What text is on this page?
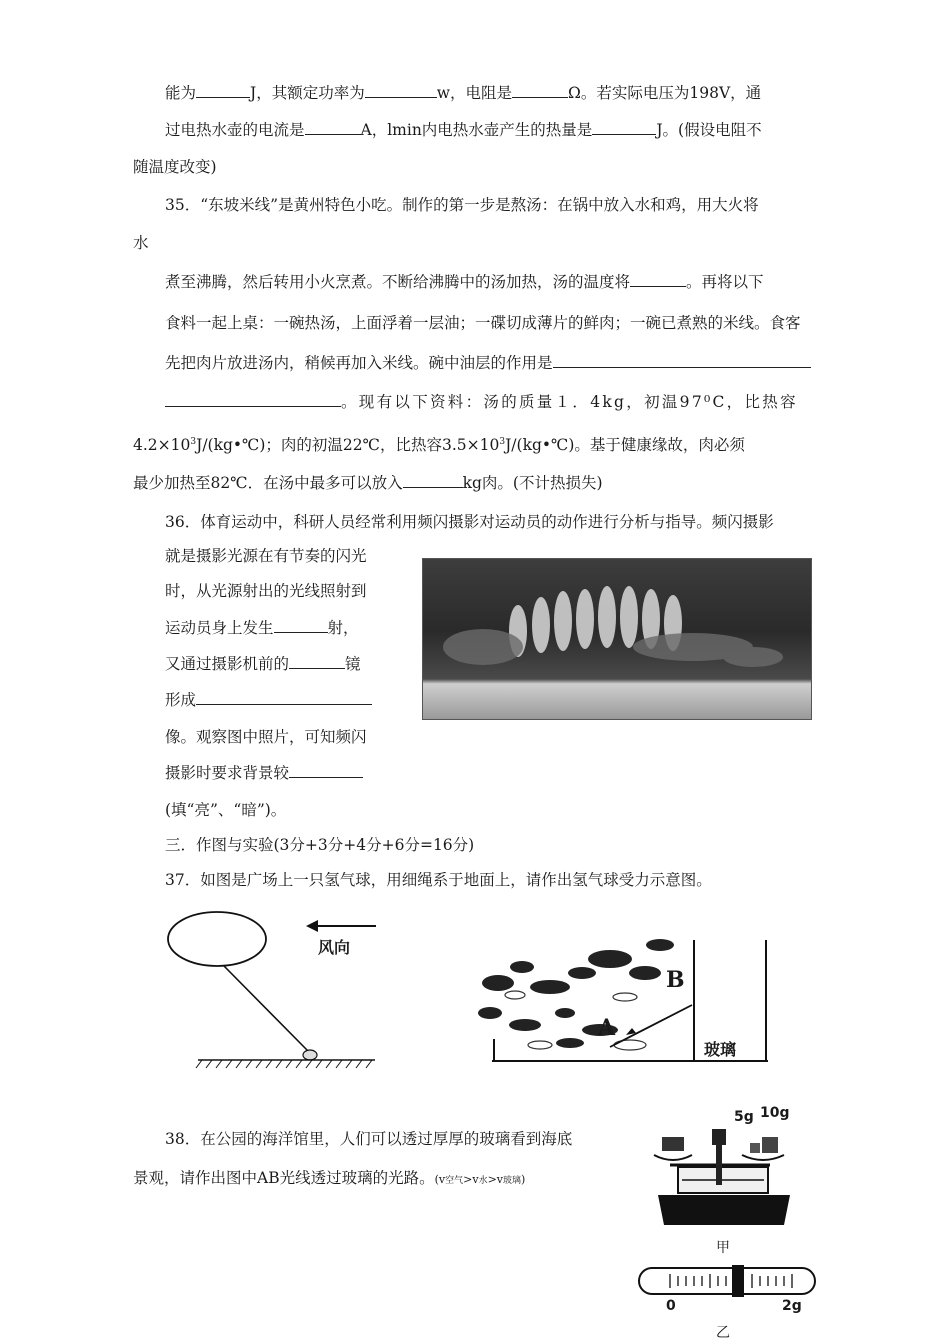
能为	J，其额定功率为	w，电阻是	Ω。若实际电压为198V，通
过电热水壶的电流是	A，lmin内电热水壶产生的热量是	J。(假设电阻不
随温度改变)
35．“东坡米线”是黄州特色小吃。制作的第一步是熬汤：在锅中放入水和鸡，用大火将
水
煮至沸腾，然后转用小火烹煮。不断给沸腾中的汤加热，汤的温度将	。再将以下
食料一起上桌：一碗热汤，上面浮着一层油；一碟切成薄片的鲜肉；一碗已煮熟的米线。食客
先把肉片放进汤内，稍候再加入米线。碗中油层的作用是
。现有以下资料：汤的质量１．4kg，初温97⁰C，比热容
$4.2\times 10^3J/(kg•℃)$；肉的初温22℃，比热容$3.5\times 10^3J/(kg•℃)$。基于健康缘故，肉必须
最少加热至82℃．在汤中最多可以放入	kg肉。(不计热损失)
36．体育运动中，科研人员经常利用频闪摄影对运动员的动作进行分析与指导。频闪摄影
就是摄影光源在有节奏的闪光
时，从光源射出的光线照射到
运动员身上发生	射，
又通过摄影机前的	镜
形成
像。观察图中照片，可知频闪
摄影时要求背景较
(填“亮”、“暗”)。
三．作图与实验(3分+3分+4分+6分=16分)
37．如图是广场上一只氢气球，用细绳系于地面上，请作出氢气球受力示意图。
风向
B
A
玻璃
38．在公园的海洋馆里，人们可以透过厚厚的玻璃看到海底
景观，请作出图中AB光线透过玻璃的光路。(v空气>v水>v玻璃)
5g 10g
甲
0	2g
乙
